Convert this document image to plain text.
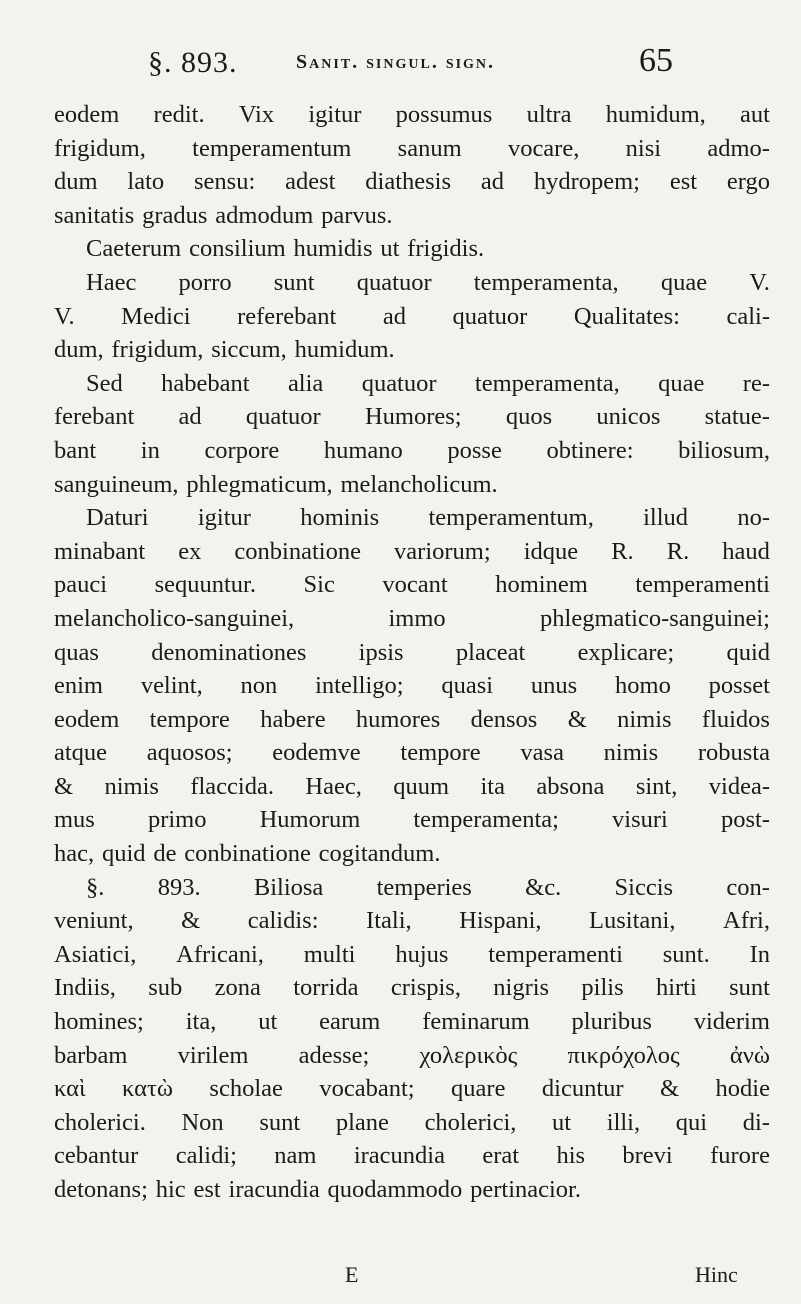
§. 893.	Sanit. singul. sign.	65
eodem redit. Vix igitur possumus ultra humidum, aut
frigidum, temperamentum sanum vocare, nisi admo-
dum lato sensu: adest diathesis ad hydropem; est ergo
sanitatis gradus admodum parvus.
Caeterum consilium humidis ut frigidis.
Haec porro sunt quatuor temperamenta, quae V.
V. Medici referebant ad quatuor Qualitates: cali-
dum, frigidum, siccum, humidum.
Sed habebant alia quatuor temperamenta, quae re-
ferebant ad quatuor Humores; quos unicos statue-
bant in corpore humano posse obtinere: biliosum,
sanguineum, phlegmaticum, melancholicum.
Daturi igitur hominis temperamentum, illud no-
minabant ex conbinatione variorum; idque R. R. haud
pauci sequuntur. Sic vocant hominem temperamenti
melancholico-sanguinei,	immo	phlegmatico-sanguinei;
quas denominationes ipsis placeat explicare; quid
enim velint, non intelligo; quasi unus homo posset
eodem tempore habere humores densos & nimis fluidos
atque aquosos; eodemve tempore vasa nimis robusta
& nimis flaccida. Haec, quum ita absona sint, videa-
mus primo Humorum temperamenta; visuri post-
hac, quid de conbinatione cogitandum.
§. 893. Biliosa temperies &c. Siccis con-
veniunt, & calidis: Itali, Hispani, Lusitani, Afri,
Asiatici, Africani, multi hujus temperamenti sunt. In
Indiis, sub zona torrida crispis, nigris pilis hirti sunt
homines; ita, ut earum feminarum pluribus viderim
barbam virilem adesse; χολερικὸς πικρόχολος ἀνὼ
καὶ κατὼ scholae vocabant; quare dicuntur & hodie
cholerici. Non sunt plane cholerici, ut illi, qui di-
cebantur calidi; nam iracundia erat his brevi furore
detonans; hic est iracundia quodammodo pertinacior.
E	Hinc
